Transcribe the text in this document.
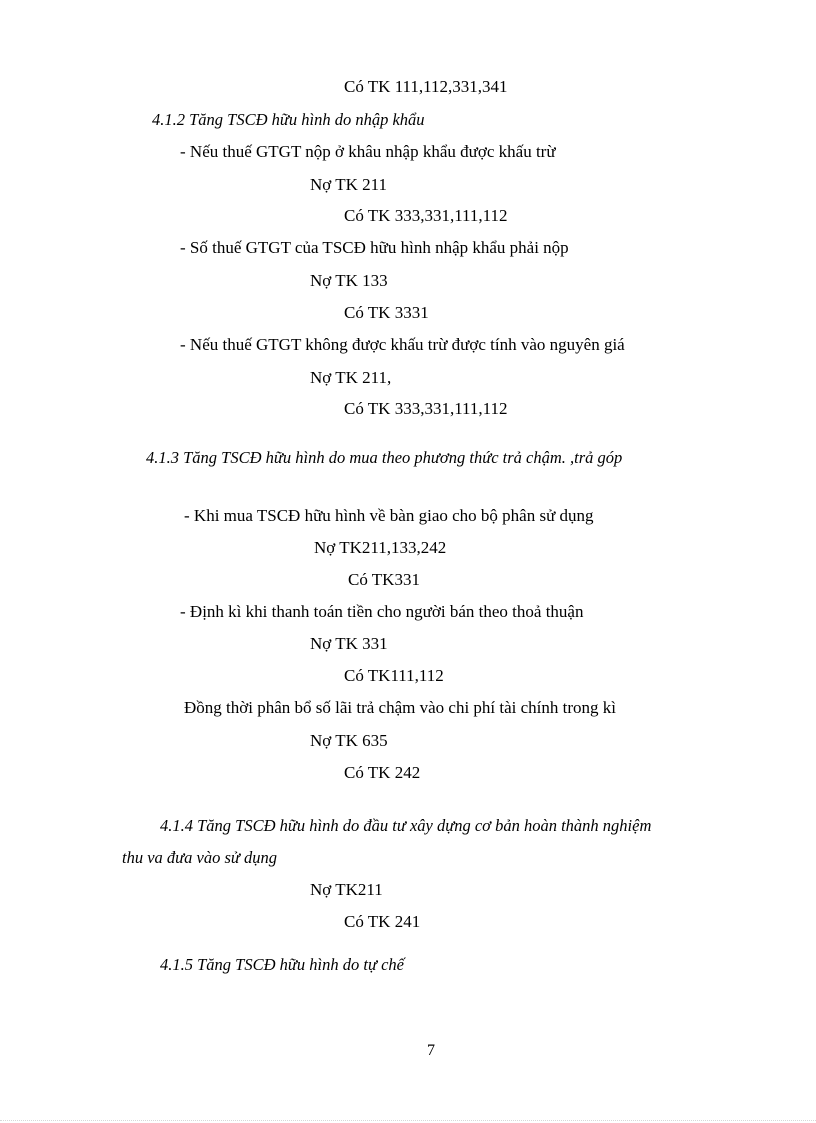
Có TK 111,112,331,341
4.1.2 Tăng TSCĐ hữu hình do nhập khẩu
- Nếu thuế GTGT nộp ở khâu nhập khẩu được khấu trừ
Nợ TK 211
Có TK 333,331,111,112
- Số thuế GTGT của TSCĐ hữu hình nhập khẩu phải nộp
Nợ TK 133
Có TK 3331
- Nếu thuế GTGT không được khấu trừ được tính vào nguyên giá
Nợ TK 211,
Có TK 333,331,111,112
4.1.3 Tăng TSCĐ hữu hình do mua theo phương thức trả chậm. ,trả góp
- Khi mua TSCĐ hữu hình về bàn giao cho bộ phân sử dụng
Nợ TK211,133,242
Có TK331
- Định kì khi thanh toán tiền cho người bán theo thoả thuận
Nợ TK 331
Có TK111,112
Đồng thời phân bổ số lãi trả chậm vào chi phí tài chính trong kì
Nợ TK 635
Có TK 242
4.1.4 Tăng TSCĐ hữu hình do đầu tư xây dựng cơ bản hoàn thành nghiệm
thu va đưa vào sử dụng
Nợ TK211
Có TK 241
4.1.5 Tăng TSCĐ hữu hình do tự chế
7
